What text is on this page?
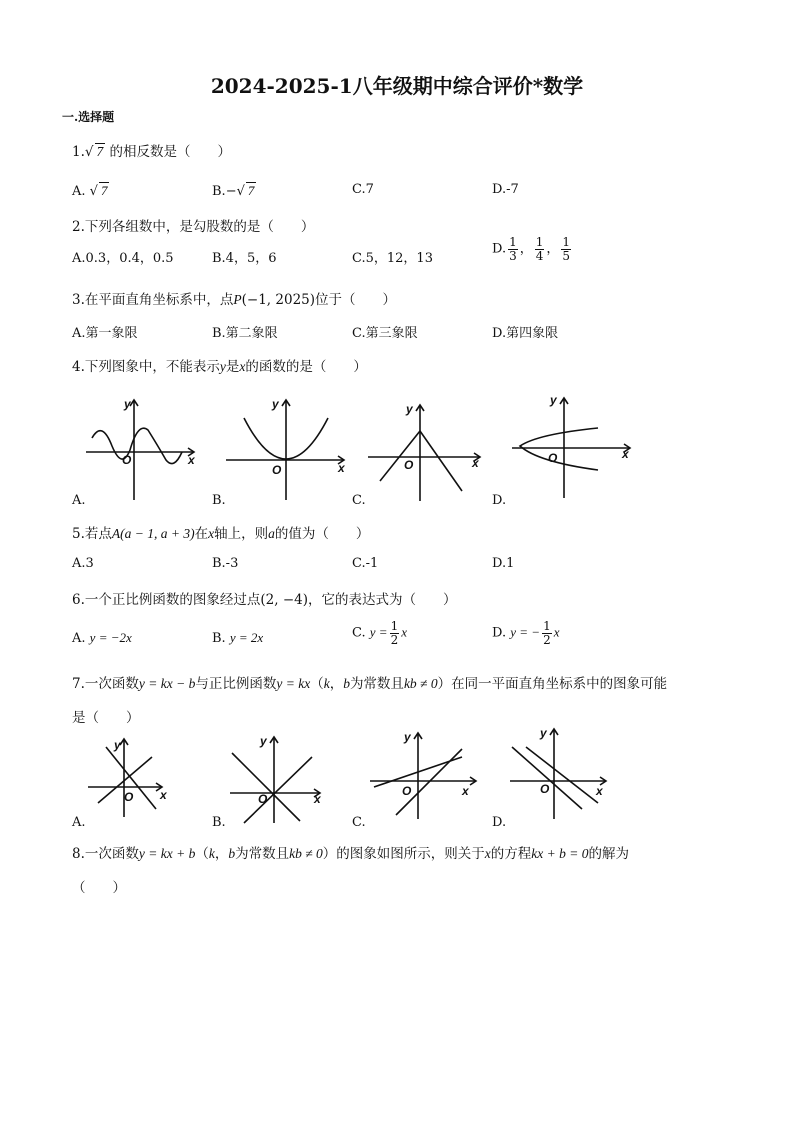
2024-2025-1八年级期中综合评价*数学
一.选择题
1.√ 7 的相反数是（　　）
A. √ 7	B.−√ 7	C.7	D.-7
2.下列各组数中，是勾股数的是（　　）
A.0.3，0.4，0.5	B.4，5，6	C.5，12，13
D. $\frac{1}{3}$ ， $\frac{1}{4}$ ， $\frac{1}{5}$
3.在平面直角坐标系中，点P(−1, 2025)位于（　　）
A.第一象限	B.第二象限	C.第三象限	D.第四象限
4.下列图象中，不能表示y是x的函数的是（　　）
y
x
O
y
x
O
y
x
O
y
x
O
A.	B.	C.	D.
5.若点A(a − 1, a + 3)在x轴上，则a的值为（　　）
A.3	B.-3	C.-1	D.1
6.一个正比例函数的图象经过点(2, −4)，它的表达式为（　　）
A. y = −2x	B. y = 2x	C. $y = \frac{1}{2}$ x	D. y = − $\frac{1}{2}$ x
7.一次函数y = kx − b与正比例函数y = kx（k，b为常数且kb ≠ 0）在同一平面直角坐标系中的图象可能
是（　　）
y
x
O
y
x
O
y
x
O
y
x
O
A.	B.	C.	D.
8.一次函数y = kx + b（k，b为常数且kb ≠ 0）的图象如图所示，则关于x的方程kx + b = 0的解为
（　　）
